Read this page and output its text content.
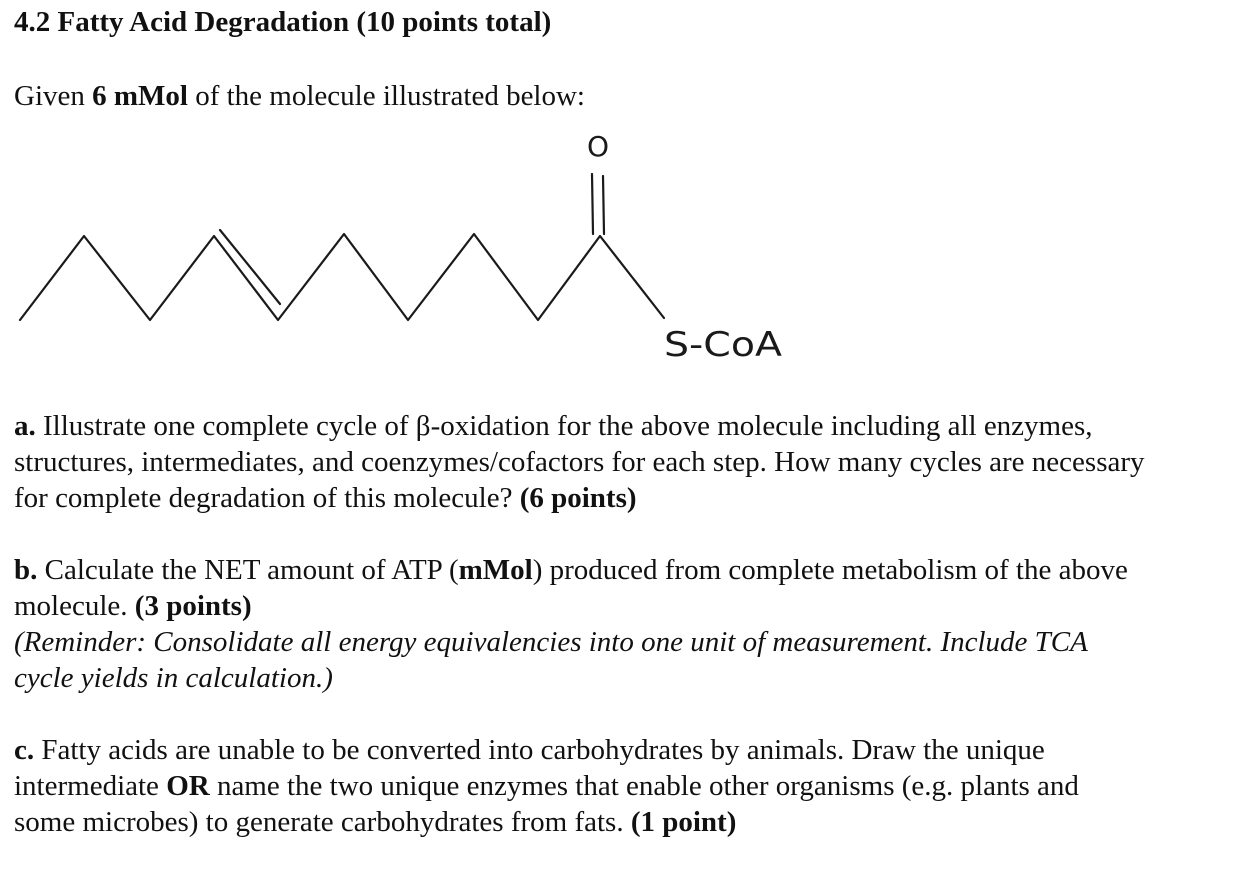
4.2 Fatty Acid Degradation (10 points total)
Given 6 mMol of the molecule illustrated below:
O
S-CoA
a. Illustrate one complete cycle of β-oxidation for the above molecule including all enzymes,
structures, intermediates, and coenzymes/cofactors for each step. How many cycles are necessary
for complete degradation of this molecule? (6 points)
b. Calculate the NET amount of ATP (mMol) produced from complete metabolism of the above
molecule. (3 points)
(Reminder: Consolidate all energy equivalencies into one unit of measurement. Include TCA
cycle yields in calculation.)
c. Fatty acids are unable to be converted into carbohydrates by animals. Draw the unique
intermediate OR name the two unique enzymes that enable other organisms (e.g. plants and
some microbes) to generate carbohydrates from fats. (1 point)
